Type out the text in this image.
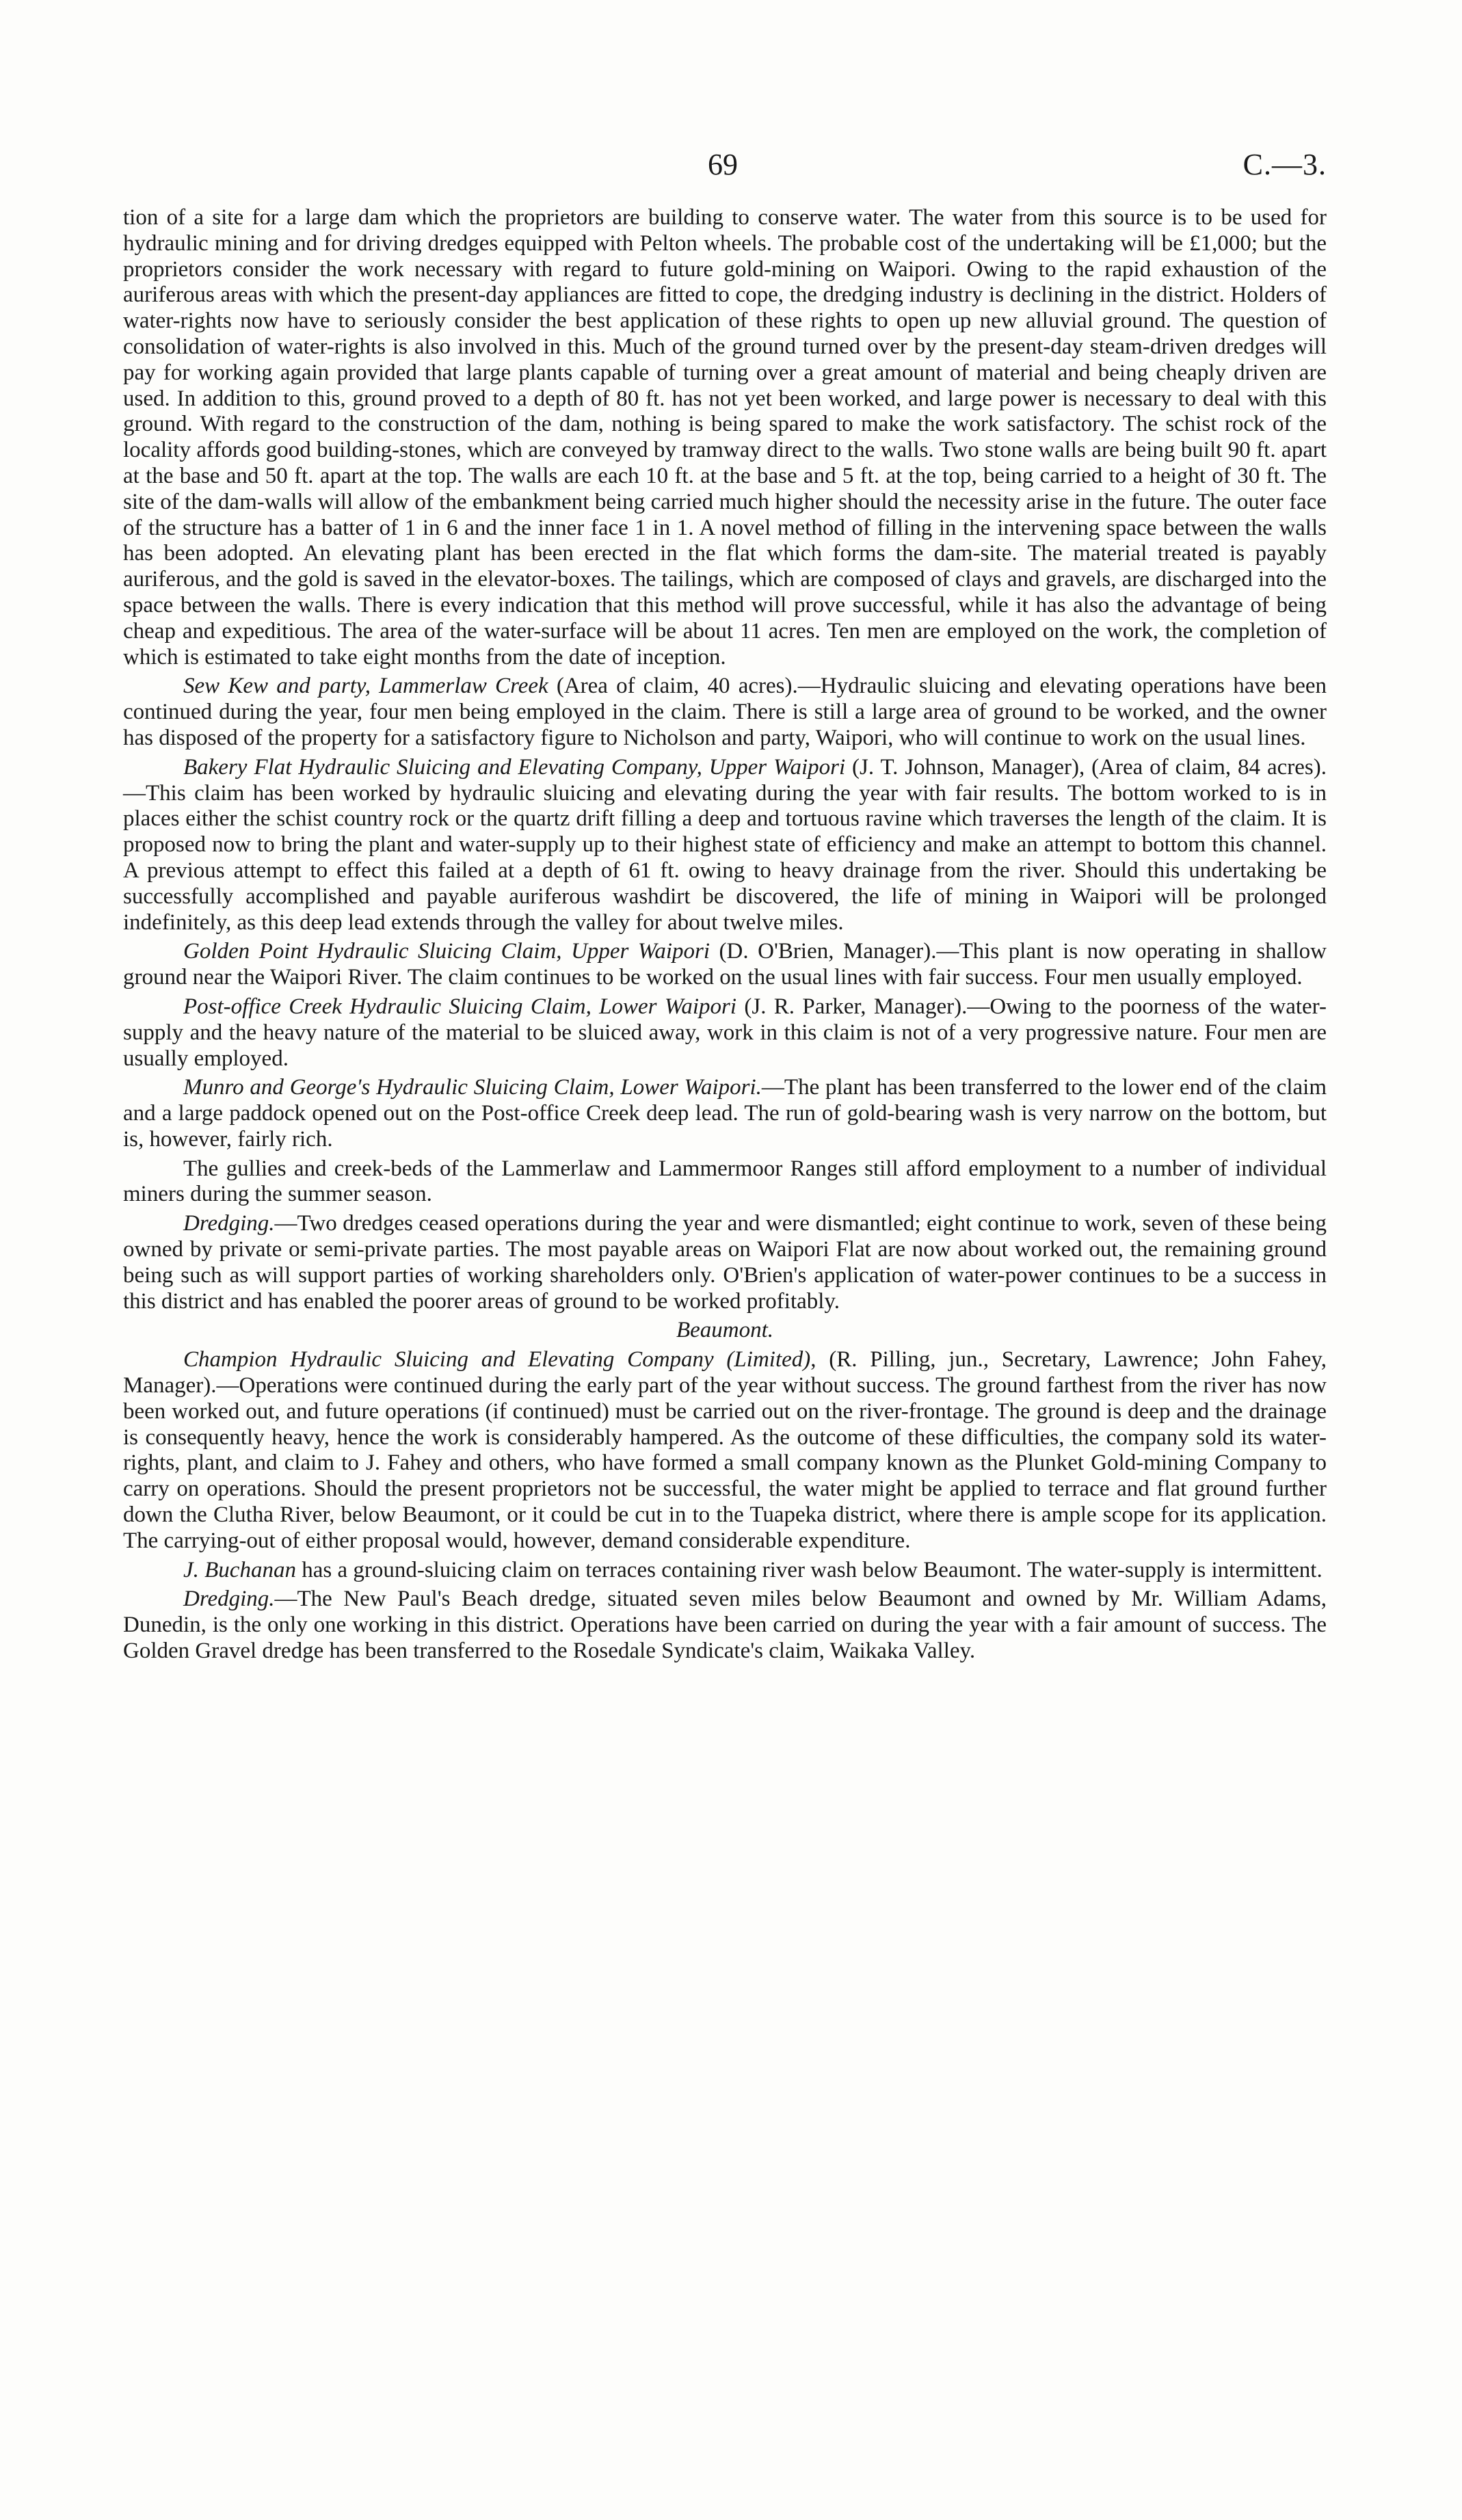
69	C.—3.

tion of a site for a large dam which the proprietors are building to conserve water. The water from this source is to be used for hydraulic mining and for driving dredges equipped with Pelton wheels. The probable cost of the undertaking will be £1,000; but the proprietors consider the work necessary with regard to future gold-mining on Waipori. Owing to the rapid exhaustion of the auriferous areas with which the present-day appliances are fitted to cope, the dredging industry is declining in the district. Holders of water-rights now have to seriously consider the best application of these rights to open up new alluvial ground. The question of consolidation of water-rights is also involved in this. Much of the ground turned over by the present-day steam-driven dredges will pay for working again provided that large plants capable of turning over a great amount of material and being cheaply driven are used. In addition to this, ground proved to a depth of 80 ft. has not yet been worked, and large power is necessary to deal with this ground. With regard to the construction of the dam, nothing is being spared to make the work satisfactory. The schist rock of the locality affords good building-stones, which are conveyed by tramway direct to the walls. Two stone walls are being built 90 ft. apart at the base and 50 ft. apart at the top. The walls are each 10 ft. at the base and 5 ft. at the top, being carried to a height of 30 ft. The site of the dam-walls will allow of the embankment being carried much higher should the necessity arise in the future. The outer face of the structure has a batter of 1 in 6 and the inner face 1 in 1. A novel method of filling in the intervening space between the walls has been adopted. An elevating plant has been erected in the flat which forms the dam-site. The material treated is payably auriferous, and the gold is saved in the elevator-boxes. The tailings, which are composed of clays and gravels, are discharged into the space between the walls. There is every indication that this method will prove successful, while it has also the advantage of being cheap and expeditious. The area of the water-surface will be about 11 acres. Ten men are employed on the work, the completion of which is estimated to take eight months from the date of inception.

Sew Kew and party, Lammerlaw Creek (Area of claim, 40 acres).—Hydraulic sluicing and elevating operations have been continued during the year, four men being employed in the claim. There is still a large area of ground to be worked, and the owner has disposed of the property for a satisfactory figure to Nicholson and party, Waipori, who will continue to work on the usual lines.

Bakery Flat Hydraulic Sluicing and Elevating Company, Upper Waipori (J. T. Johnson, Manager), (Area of claim, 84 acres).—This claim has been worked by hydraulic sluicing and elevating during the year with fair results. The bottom worked to is in places either the schist country rock or the quartz drift filling a deep and tortuous ravine which traverses the length of the claim. It is proposed now to bring the plant and water-supply up to their highest state of efficiency and make an attempt to bottom this channel. A previous attempt to effect this failed at a depth of 61 ft. owing to heavy drainage from the river. Should this undertaking be successfully accomplished and payable auriferous washdirt be discovered, the life of mining in Waipori will be prolonged indefinitely, as this deep lead extends through the valley for about twelve miles.

Golden Point Hydraulic Sluicing Claim, Upper Waipori (D. O'Brien, Manager).—This plant is now operating in shallow ground near the Waipori River. The claim continues to be worked on the usual lines with fair success. Four men usually employed.

Post-office Creek Hydraulic Sluicing Claim, Lower Waipori (J. R. Parker, Manager).—Owing to the poorness of the water-supply and the heavy nature of the material to be sluiced away, work in this claim is not of a very progressive nature. Four men are usually employed.

Munro and George's Hydraulic Sluicing Claim, Lower Waipori.—The plant has been transferred to the lower end of the claim and a large paddock opened out on the Post-office Creek deep lead. The run of gold-bearing wash is very narrow on the bottom, but is, however, fairly rich.

The gullies and creek-beds of the Lammerlaw and Lammermoor Ranges still afford employment to a number of individual miners during the summer season.

Dredging.—Two dredges ceased operations during the year and were dismantled; eight continue to work, seven of these being owned by private or semi-private parties. The most payable areas on Waipori Flat are now about worked out, the remaining ground being such as will support parties of working shareholders only. O'Brien's application of water-power continues to be a success in this district and has enabled the poorer areas of ground to be worked profitably.

Beaumont.

Champion Hydraulic Sluicing and Elevating Company (Limited), (R. Pilling, jun., Secretary, Lawrence; John Fahey, Manager).—Operations were continued during the early part of the year without success. The ground farthest from the river has now been worked out, and future operations (if continued) must be carried out on the river-frontage. The ground is deep and the drainage is consequently heavy, hence the work is considerably hampered. As the outcome of these difficulties, the company sold its water-rights, plant, and claim to J. Fahey and others, who have formed a small company known as the Plunket Gold-mining Company to carry on operations. Should the present proprietors not be successful, the water might be applied to terrace and flat ground further down the Clutha River, below Beaumont, or it could be cut in to the Tuapeka district, where there is ample scope for its application. The carrying-out of either proposal would, however, demand considerable expenditure.

J. Buchanan has a ground-sluicing claim on terraces containing river wash below Beaumont. The water-supply is intermittent.

Dredging.—The New Paul's Beach dredge, situated seven miles below Beaumont and owned by Mr. William Adams, Dunedin, is the only one working in this district. Operations have been carried on during the year with a fair amount of success. The Golden Gravel dredge has been transferred to the Rosedale Syndicate's claim, Waikaka Valley.
